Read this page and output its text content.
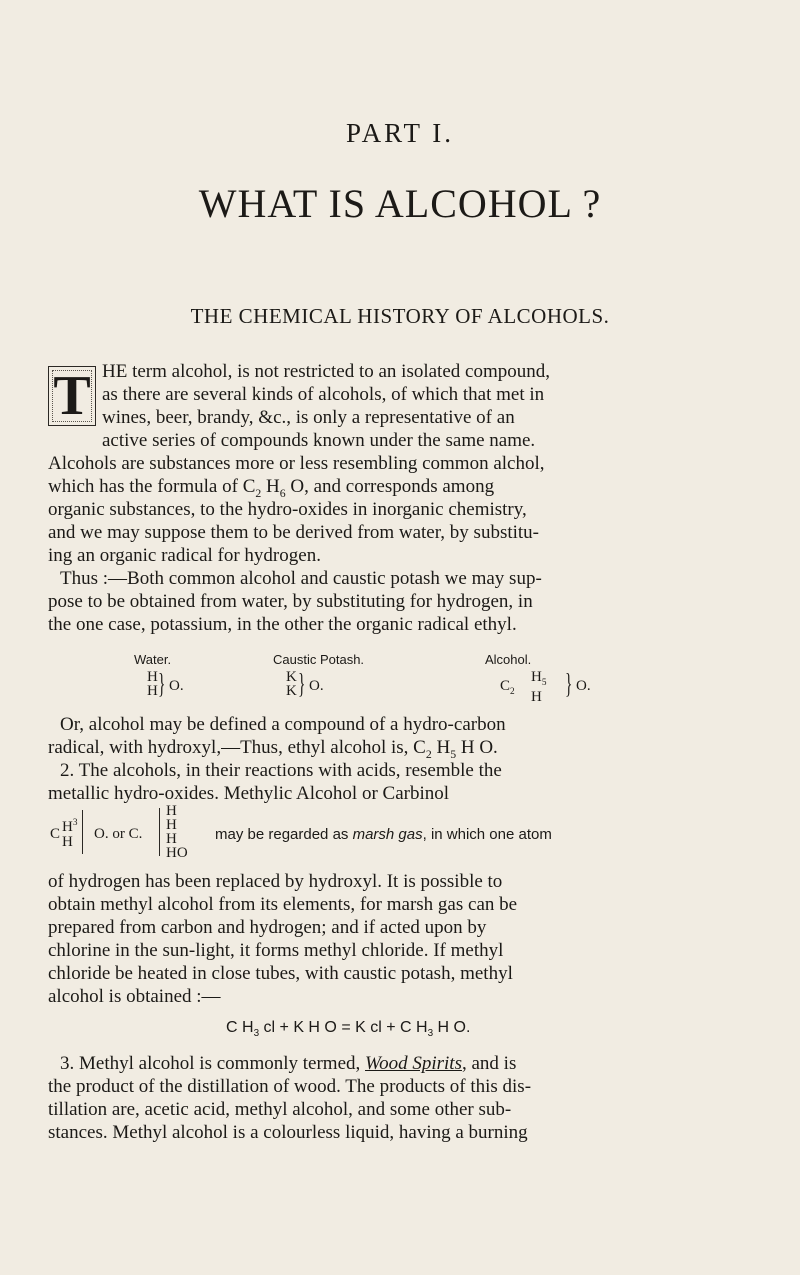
PART I.
WHAT IS ALCOHOL ?
THE CHEMICAL HISTORY OF ALCOHOLS.
T HE term alcohol, is not restricted to an isolated compound,
as there are several kinds of alcohols, of which that met in
wines, beer, brandy, &c., is only a representative of an
active series of compounds known under the same name.
Alcohols are substances more or less resembling common alchol,
which has the formula of $C_2$ $H_6$ O, and corresponds among
organic substances, to the hydro-oxides in inorganic chemistry,
and we may suppose them to be derived from water, by substitu-
ing an organic radical for hydrogen.
Thus :—Both common alcohol and caustic potash we may sup-
pose to be obtained from water, by substituting for hydrogen, in
the one case, potassium, in the other the organic radical ethyl.
Water.	Caustic Potash.	Alcohol.
H
H } O.
K
K } O.	$C_2$
$H_5$
H } O.
Or, alcohol may be defined a compound of a hydro-carbon
radical, with hydroxyl,—Thus, ethyl alcohol is, $C_2$ $H_5$ H O.
2. The alcohols, in their reactions with acids, resemble the
metallic hydro-oxides. Methylic Alcohol or Carbinol
C $H^3$
H	O. or C.
H
H
H
HO
may be regarded as marsh gas, in which one atom
of hydrogen has been replaced by hydroxyl. It is possible to
obtain methyl alcohol from its elements, for marsh gas can be
prepared from carbon and hydrogen; and if acted upon by
chlorine in the sun-light, it forms methyl chloride. If methyl
chloride be heated in close tubes, with caustic potash, methyl
alcohol is obtained :—
C $H_3$ cl + K H O = K cl + C $H_3$ H O.
3. Methyl alcohol is commonly termed, Wood Spirits, and is
the product of the distillation of wood. The products of this dis-
tillation are, acetic acid, methyl alcohol, and some other sub-
stances. Methyl alcohol is a colourless liquid, having a burning
